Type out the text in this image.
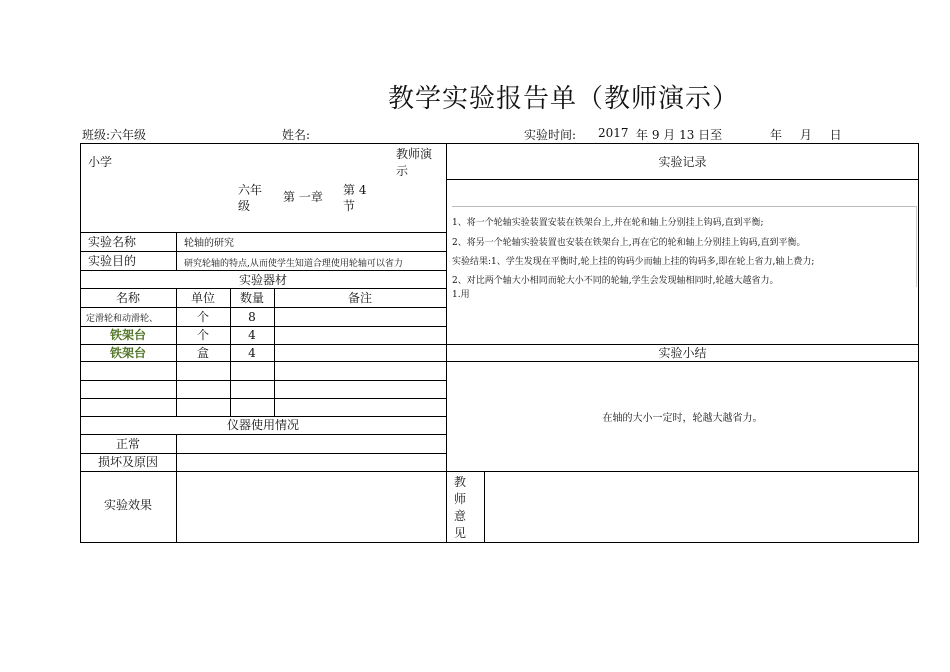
教学实验报告单（教师演示）
班级:六年级	姓名:	实验时间: 2017 年 9 月 13 日至	年 月 日
小学
教师演示
六年级
第 一章 第 4 节
实验名称	轮轴的研究
实验目的	研究轮轴的特点,从而使学生知道合理使用轮轴可以省力
实验器材
名称	单位	数量	备注
定滑轮和动滑轮、	个	8
铁架台	个	4
铁架台	盒	4
仪器使用情况
正常
损坏及原因
实验效果
实验记录
1、将一个轮轴实验装置安装在铁架台上,并在轮和轴上分别挂上钩码,直到平衡;
2、将另一个轮轴实验装置也安装在铁架台上,再在它的轮和轴上分别挂上钩码,直到平衡。
实验结果:1、学生发现在平衡时,轮上挂的钩码少而轴上挂的钩码多,即在轮上省力,轴上费力;
2、对比两个轴大小相同而轮大小不同的轮轴,学生会发现轴相同时,轮越大越省力。
1.用
实验小结
在轴的大小一定时，轮越大越省力。
教师意见
